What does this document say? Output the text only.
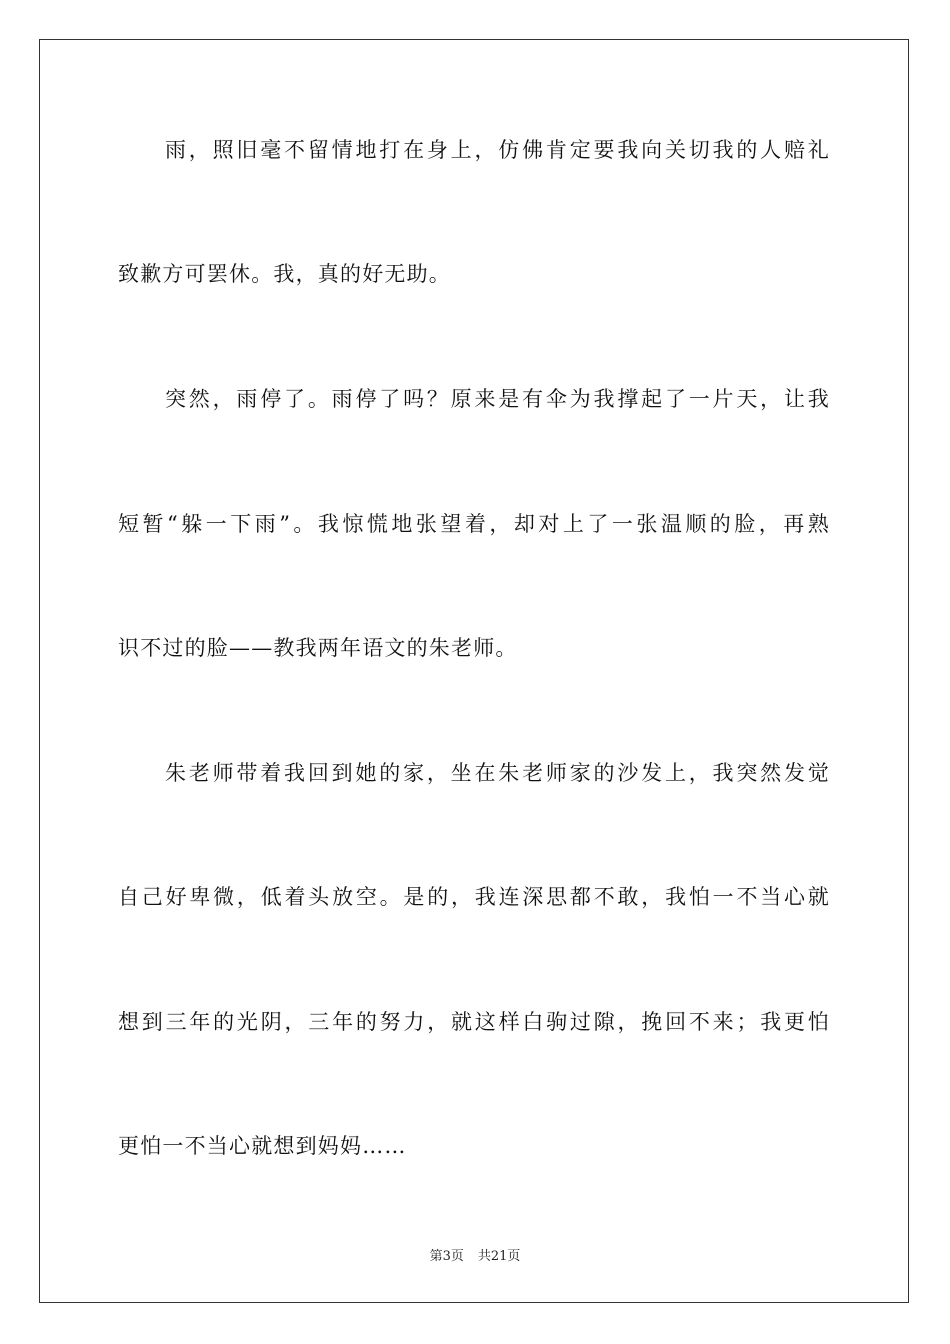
雨，照旧毫不留情地打在身上，仿佛肯定要我向关切我的人赔礼
致歉方可罢休。我，真的好无助。
突然，雨停了。雨停了吗？原来是有伞为我撑起了一片天，让我
短暂“躲一下雨”。我惊慌地张望着，却对上了一张温顺的脸，再熟
识不过的脸——教我两年语文的朱老师。
朱老师带着我回到她的家，坐在朱老师家的沙发上，我突然发觉
自己好卑微，低着头放空。是的，我连深思都不敢，我怕一不当心就
想到三年的光阴，三年的努力，就这样白驹过隙，挽回不来；我更怕
更怕一不当心就想到妈妈……
第3页 共21页
